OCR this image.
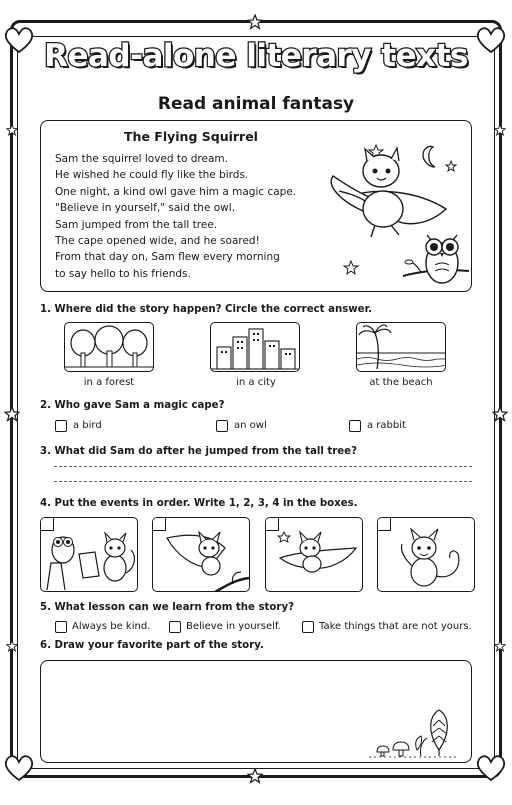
Read-alone literary texts
Read animal fantasy
The Flying Squirrel
Sam the squirrel loved to dream.
He wished he could fly like the birds.
One night, a kind owl gave him a magic cape.
"Believe in yourself," said the owl.
Sam jumped from the tall tree.
The cape opened wide, and he soared!
From that day on, Sam flew every morning
to say hello to his friends.
1. Where did the story happen? Circle the correct answer.
in a forest	in a city	at the beach
2. Who gave Sam a magic cape?
a bird	an owl	a rabbit
3. What did Sam do after he jumped from the tall tree?
4. Put the events in order. Write 1, 2, 3, 4 in the boxes.
5. What lesson can we learn from the story?
Always be kind.	Believe in yourself.	Take things that are not yours.
6. Draw your favorite part of the story.
